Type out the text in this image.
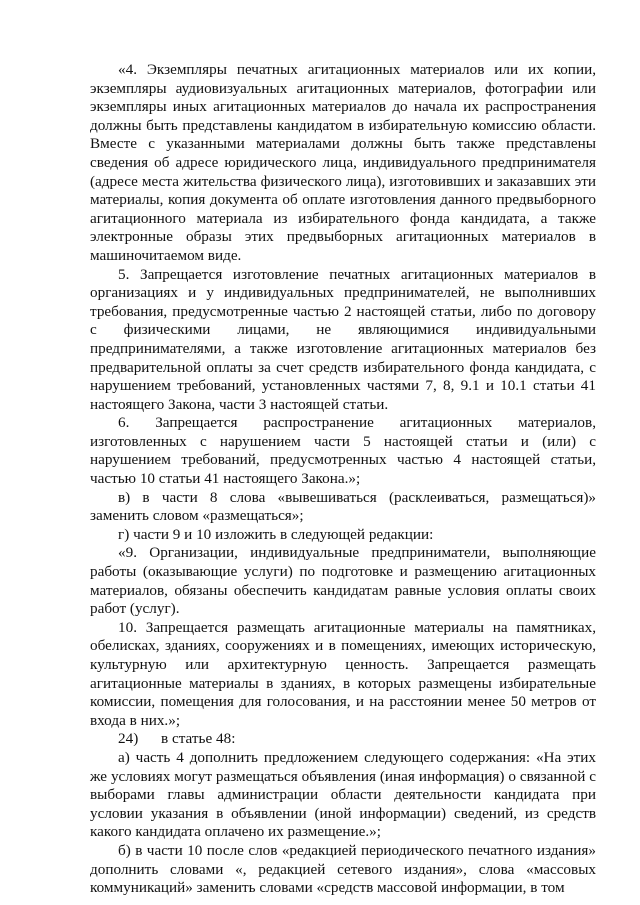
«4. Экземпляры печатных агитационных материалов или их копии, экземпляры аудиовизуальных агитационных материалов, фотографии или экземпляры иных агитационных материалов до начала их распространения должны быть представлены кандидатом в избирательную комиссию области. Вместе с указанными материалами должны быть также представлены сведения об адресе юридического лица, индивидуального предпринимателя (адресе места жительства физического лица), изготовивших и заказавших эти материалы, копия документа об оплате изготовления данного предвыборного агитационного материала из избирательного фонда кандидата, а также электронные образы этих предвыборных агитационных материалов в машиночитаемом виде.

5. Запрещается изготовление печатных агитационных материалов в организациях и у индивидуальных предпринимателей, не выполнивших требования, предусмотренные частью 2 настоящей статьи, либо по договору с физическими лицами, не являющимися индивидуальными предпринимателями, а также изготовление агитационных материалов без предварительной оплаты за счет средств избирательного фонда кандидата, с нарушением требований, установленных частями 7, 8, 9.1 и 10.1 статьи 41 настоящего Закона, части 3 настоящей статьи.

6. Запрещается распространение агитационных материалов, изготовленных с нарушением части 5 настоящей статьи и (или) с нарушением требований, предусмотренных частью 4 настоящей статьи, частью 10 статьи 41 настоящего Закона.»;

в) в части 8 слова «вывешиваться (расклеиваться, размещаться)» заменить словом «размещаться»;

г) части 9 и 10 изложить в следующей редакции:

«9. Организации, индивидуальные предприниматели, выполняющие работы (оказывающие услуги) по подготовке и размещению агитационных материалов, обязаны обеспечить кандидатам равные условия оплаты своих работ (услуг).

10. Запрещается размещать агитационные материалы на памятниках, обелисках, зданиях, сооружениях и в помещениях, имеющих историческую, культурную или архитектурную ценность. Запрещается размещать агитационные материалы в зданиях, в которых размещены избирательные комиссии, помещения для голосования, и на расстоянии менее 50 метров от входа в них.»;

24)      в статье 48:

а) часть 4 дополнить предложением следующего содержания: «На этих же условиях могут размещаться объявления (иная информация) о связанной с выборами главы администрации области деятельности кандидата при условии указания в объявлении (иной информации) сведений, из средств какого кандидата оплачено их размещение.»;

б) в части 10 после слов «редакцией периодического печатного издания» дополнить словами «, редакцией сетевого издания», слова «массовых коммуникаций» заменить словами «средств массовой информации, в том
